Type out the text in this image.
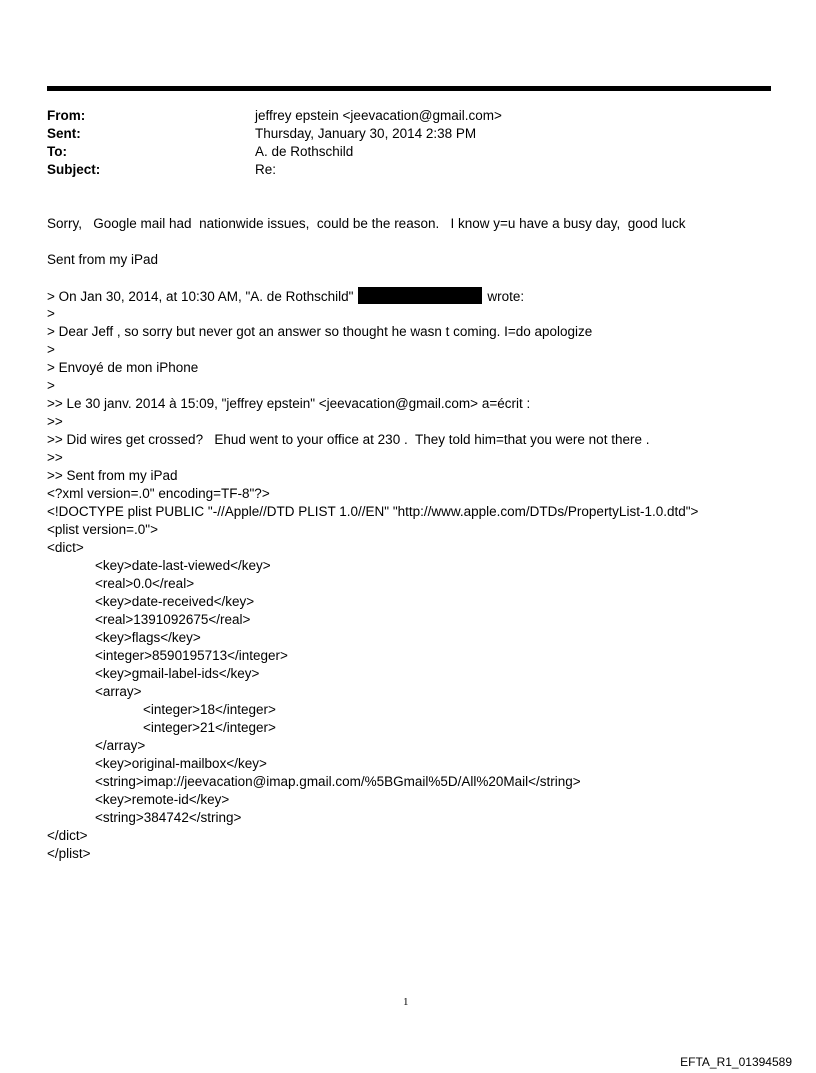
From:	jeffrey epstein <jeevacation@gmail.com>
Sent:	Thursday, January 30, 2014 2:38 PM
To:	A. de Rothschild
Subject:	Re:
Sorry,   Google mail had  nationwide issues,  could be the reason.   I know y=u have a busy day,  good luck
Sent from my iPad
> On Jan 30, 2014, at 10:30 AM, "A. de Rothschild"	wrote:
>
> Dear Jeff , so sorry but never got an answer so thought he wasn t coming. I=do apologize
>
> Envoyé de mon iPhone
>
>> Le 30 janv. 2014 à 15:09, "jeffrey epstein" <jeevacation@gmail.com> a=écrit :
>>
>> Did wires get crossed?   Ehud went to your office at 230 .  They told him=that you were not there .
>>
>> Sent from my iPad
<?xml version=.0" encoding=TF-8"?>
<!DOCTYPE plist PUBLIC "-//Apple//DTD PLIST 1.0//EN" "http://www.apple.com/DTDs/PropertyList-1.0.dtd">
<plist version=.0">
<dict>
<key>date-last-viewed</key>
<real>0.0</real>
<key>date-received</key>
<real>1391092675</real>
<key>flags</key>
<integer>8590195713</integer>
<key>gmail-label-ids</key>
<array>
<integer>18</integer>
<integer>21</integer>
</array>
<key>original-mailbox</key>
<string>imap://jeevacation@imap.gmail.com/%5BGmail%5D/All%20Mail</string>
<key>remote-id</key>
<string>384742</string>
</dict>
</plist>
1
EFTA_R1_01394589
